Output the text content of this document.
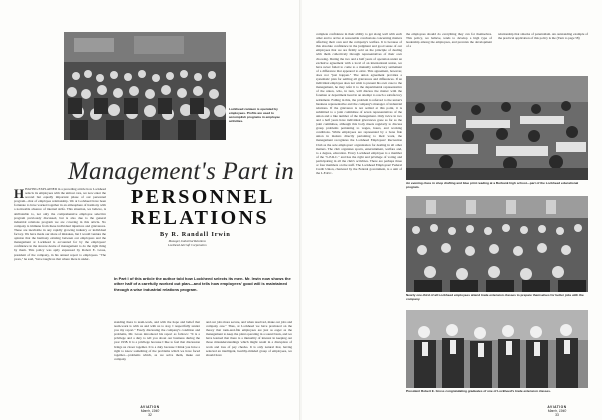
Lockheed canteen is operated by employees. Profits are used to accomplish programs in employee activities.
Management's Part in
PERSONNEL
RELATIONS
By R. Randall Irwin
Manager, Industrial Relations
Lockheed Aircraft Corporation

HHAVING EXPLAINED in a preceding article how Lockheed selects its employees with the utmost care, we now enter the second but equally important phase of our personnel program—that of employee relationship. We at Lockheed have been fortunate to have worked together in an atmosphere of harmony with a noticeable absence of internal strife. This situation, we believe, is attributable to, not only the comprehensive employee selective program previously discussed, but is also due to the general industrial relations program we are covering in this article. No company is immune from these individual injustices and grievances. These are inevitable in any rapidly growing industry or individual factory. We have made our share of mistakes, but I would venture the opinion that the harmony existing between our employees and the management at Lockheed is accounted for by the employees' confidence in the sincere desire of management to do the right thing by them. This policy was aptly expressed by Robert E. Gross, president of the company, in his annual report to employees. "The years," he said, "have taught us that where there is under-

In Part I of this article the author told how Lockheed selects its men. Mr. Irwin now shows the other half of a carefully worked out plan—and tells how employees' good will is maintained through a wise industrial relations program.

standing there is team-work, and with the hope and belief that team-work is with us and with us to stay, I respectfully render you my report." Freely discussing the company's condition and problems, Mr. Gross introduced his report as follows: "It is a privilege and a duty to tell you about our business during the year 1938. It is a privilege because I like to feel that discussion brings us closer together. It is a duty because I think you have a right to know something of the problems which we have faced together—problems which, as we solve them, make our company

and our jobs more secure, and when resolved, make our jobs and company one." Thus, at Lockheed we have promoted on the theory that rank-and-file employees are just as eager as the management to keep the plant operating in a sound basis, and we have learned that there is a mutuality of interest in keeping out those misunderstandings which might result in a disruption of work and loss of pay checks. It is only natural that, having selected an intelligent, healthy-minded group of employees, we should have

AVIATION
March, 1940
32

complete confidence in their ability to get along well with each other and to arrive at reasonable conclusions concerning matters affecting their own and the company's welfare. It is because of this absolute confidence in the judgment and good sense of our employees that we are firmly sold on the principle of dealing with them collectively through representatives of their own choosing. During the two and a half years of operation under an exclusive agreement with a local of an international union, we have never failed to come to a mutually satisfactory settlement of a difference that appeared to exist. This agreement, however, does not "just happen." The union agreement provides a systematic plan for settling all grievances and differences. If an individual employee does not wish to present his own case to the management, he may refer it to the departmental representative of the union, who, in turn, will discuss the matter with the foreman or department head in an attempt to reach a satisfactory settlement. Failing in this, the problem is referred to the union's business representative and the company's manager of industrial relations. If the grievance is not settled at this point, it is submitted to a joint committee of seven representatives of the union and a like number of the management. Only twice in two and a half years have individual grievances gone as far as the joint committee, although this body meets regularly to discuss group problems pertaining to wages, hours, and working conditions. While employees are represented by a bona fide union in matters directly pertaining to their work, the management recognizes the Lockheed Employees' Recreation Club as the sole employees' organization for dealing in all other matters. The club organizes sports, entertainment, welfare and, to a degree, education. Every Lockheed employee is a member of the "L.E.R.C." and has the right and privilege of voting and participating in all the club's activities. There are perhaps three or four members on the staff. The Lockheed Employees' Federal Credit Union, chartered by the Federal government, is a unit of the L.E.R.C.

the employees should do everything they can for themselves. This policy, we believe, tends to develop a high type of leadership among the employees, and prevents the development of a

relationship that smacks of paternalism. An outstanding example of the practical application of this policy is the (Turn to page 58)

An evening class in shop drafting and blue print reading at a Burbank high school—part of the Lockheed educational program.
Nearly one-third of all Lockheed employees attend trade extension classes to prepare themselves for better jobs with the company.
President Robert E. Gross congratulating graduates of one of Lockheed's trade extension classes.
AVIATION
March, 1940
33
